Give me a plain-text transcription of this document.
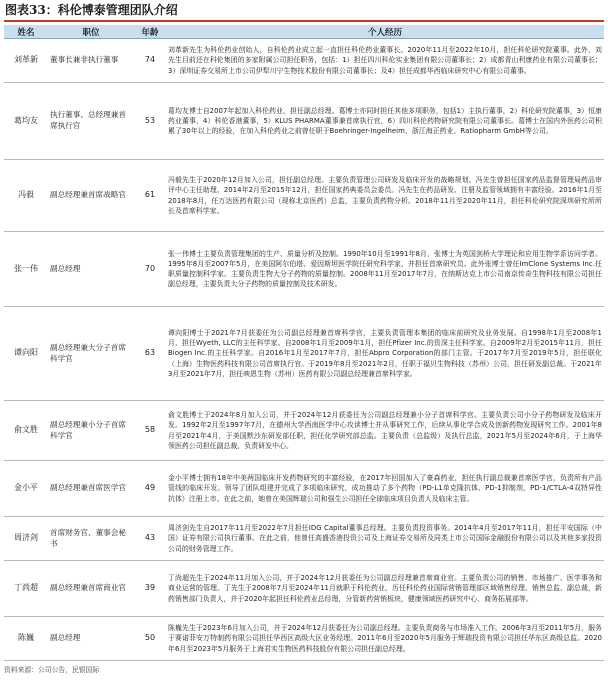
图表33：科伦博泰管理团队介绍
姓名	职位	年龄	个人经历
刘革新	董事长兼非执行董事	74	刘革新先生为科伦药业创始人，自科伦药业成立起一直担任科伦药业董事长。2020年11月至2022年10月，担任科伦研究院董事。此外，刘先生目前还在科伦集团的多家附属公司担任职务，包括：1）担任四川科伦实业集团有限公司董事长；2）成都青山利康药业有限公司董事长；3）深圳证券交易所上市公司伊犁川宁生物技术股份有限公司董事长；及4）担任成都华西临床研究中心有限公司董事。
葛均友	执行董事、总经理兼首席执行官	53	葛均友博士自2007年起加入科伦药业，担任副总经理。葛博士亦同时担任其他多项职务，包括1）主执行董事，2）科伦研究院董事，3）恒康药业董事，4）科伦香港董事，5）KLUS PHARMA董事兼首席执行官，6）四川科伦药物研究院有限公司董事长。葛博士在国内外医药公司积累了30年以上的经验，在加入科伦药业之前曾任职于Boehringer-Ingelheim、浙江海正药业、Ratiopharm GmbH等公司。
冯毅	副总经理兼首席战略官	61	冯毅先生于2020年12月加入公司，担任副总经理。主要负责管理公司研发及临床开发的战略规划。冯先生曾担任国家药品监督管理局药品审评中心主任助理、2014年2月至2015年12月，担任国家药典委员会委员。冯先生在药品研发、注册及监管领域拥有丰富经验。2016年1月至2018年8月，任万达医药有限公司（现称北京医药）总监，主要负责药物分析。2018年11月至2020年11月，担任科伦研究院深圳研究所所长及首席科学家。
张一伟	副总经理	70	张一伟博士主要负责管理集团的生产、质量分析及控制。1990年10月至1991年8月，张博士为英国剑桥大学理论和应用生物学系访问学者。1995年8月至2007年5月，在美国阿尔伯塔、爱因斯坦医学院任研究科学家，并担任首席研究员。此外张博士曾任ImClone Systems Inc.任职质量控制科学家。主要负责生物大分子药物的质量控制。2008年11月至2017年7月，在纳斯达克上市公司南京传奇生物科技有限公司担任副总经理，主要负责大分子药物的质量控制及技术研发。
谭向阳	副总经理兼大分子首席科学官	63	谭向阳博士于2021年7月获委任为公司副总经理兼首席科学官，主要负责管理本集团的临床前研究及业务发展。自1998年1月至2008年1月，担任Wyeth, LLC的主任科学家。自2008年1月至2009年1月，担任Pfizer Inc.的资深主任科学家。自2009年2月至2015年11月，担任Biogen Inc.的主任科学家。自2016年1月至2017年7月，担任Abpro Corporation的部门主管。于2017年7月至2019年5月，担任联化（上海）生物医药科技有限公司首席执行官。于2019年8月至2021年2月，任职于福贝生物科技（苏州）公司，担任研发副总裁。于2021年3月至2021年7月，担任映恩生物（苏州）医药有限公司副总经理兼首席科学家。
俞文胜	副总经理兼小分子首席科学官	58	俞文胜博士于2024年8月加入公司，并于2024年12月获委任为公司副总经理兼小分子首席科学官。主要负责公司小分子药物研发及临床开发。1992年2月至1997年7月，在德州大学西南医学中心攻读博士并从事研究工作，后续从事化学合成及创新药物发现研究工作。2001年8月至2021年4月，于美国默沙东研发部任职，担任化学研究部总监。主要负责（总监级）及执行总监，2021年5月至2024年6月，于上海华领医药公司担任副总裁，负责研发中心。
金小平	副总经理兼首席医学官	49	金小平博士拥有18年中美两国临床开发药物研究的丰富经验，在2017年回国加入了豪森药业，担任执行副总裁兼首席医学官，负责所有产品管线的临床开发。领导了团队组建并完成了多项临床研究，成功推动了多个药物（PD-L1单克隆抗体、PD-1抑制剂，PD-1/CTLA-4双特异性抗体）注册上市。在此之前，她曾在美国辉瑞公司和强生公司担任全球临床项目负责人及临床主管。
周济剑	首席财务官、董事会秘书	43	周济剑先生自2017年11月至2022年7月担任IDG Capital董事总经理。主要负责投资事务。2014年4月至2017年11月，担任平安国际（中国）证券有限公司执行董事。在此之前，他曾任高盛香港投资公司及上海证券交易所及同类上市公司国际金融股份有限公司以及其他多家投资公司的财务管理工作。
丁尚超	副总经理兼首席商业官	39	丁尚超先生于2024年11月加入公司，并于2024年12月获委任为公司副总经理兼首席商业官。主要负责公司的销售、市场推广、医学事务和商业运营的管理。丁先生于2008年7月至2024年11月就职于科伦药业，历任科伦药业国际营销管理部区域销售经理、销售总监、副总裁，新药销售部门负责人，并于2020年起担任科伦药业总经理，分管新药营销板块，健康领域医药研究中心、商务拓展部等。
陈巍	副总经理	50	陈巍先生于2023年6月加入公司，并于2024年12月获委任为公司副总经理。主要负责商务与市场准入工作。2006年3月至2011年5月，服务于赛诺菲安万特制药有限公司担任华西区高级大区业务经理。2011年6月至2020年5月服务于辉瑞投资有限公司担任华东区高级总监。2020年6月至2023年5月服务于上海君实生物医药科技股份有限公司担任副总经理。
资料来源：公司公告，民银国际
